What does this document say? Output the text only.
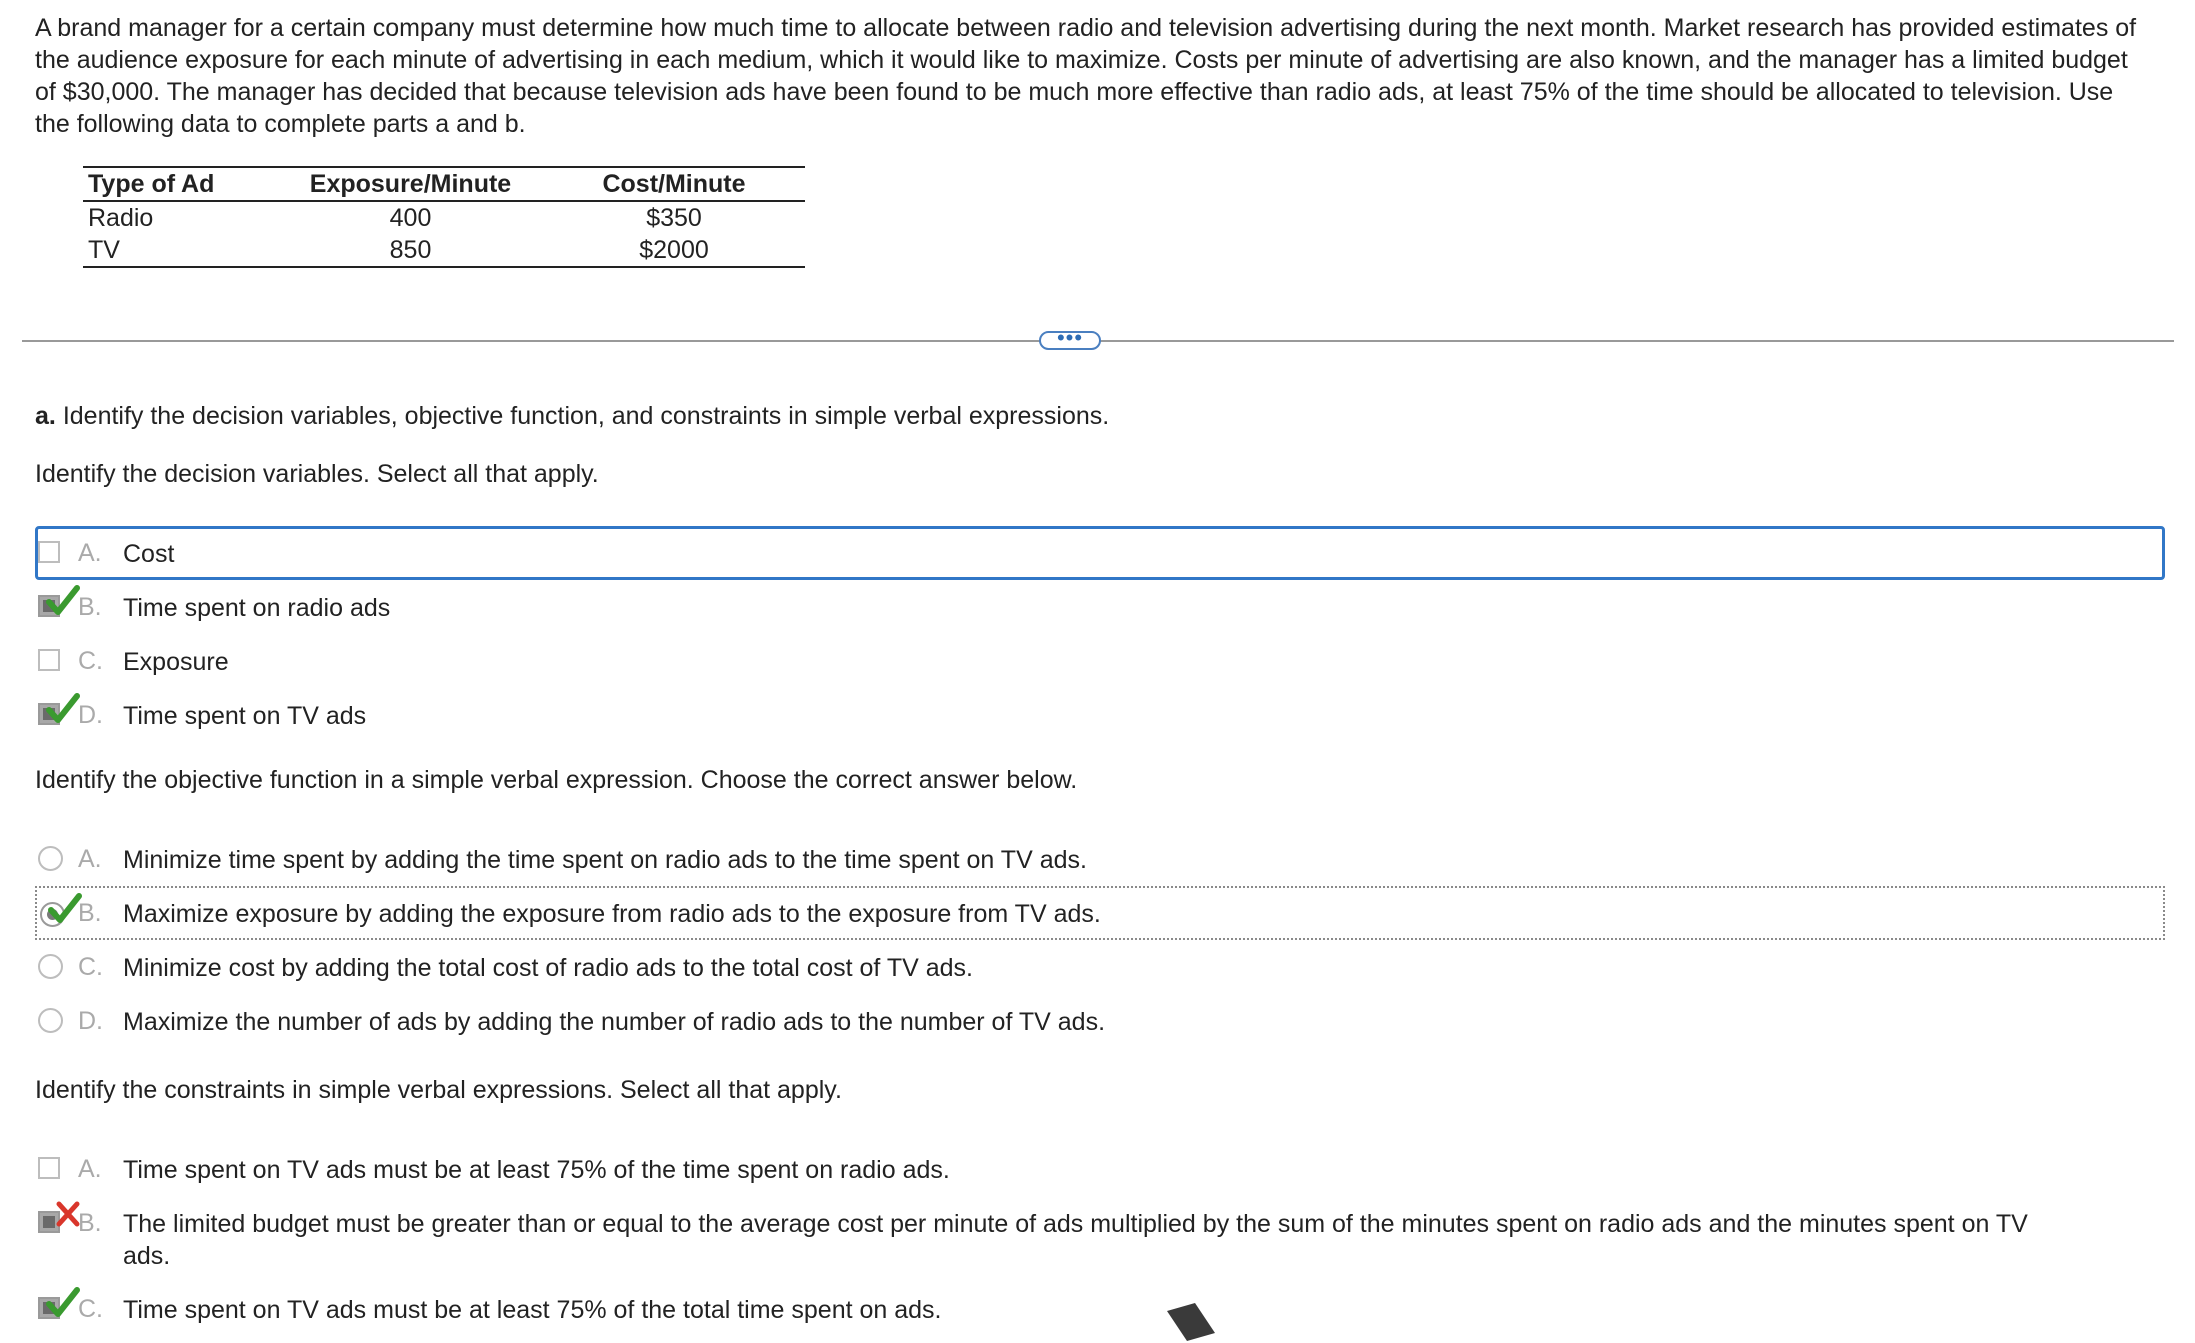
A brand manager for a certain company must determine how much time to allocate between radio and television advertising during the next month. Market research has provided estimates of the audience exposure for each minute of advertising in each medium, which it would like to maximize. Costs per minute of advertising are also known, and the manager has a limited budget of $30,000. The manager has decided that because television ads have been found to be much more effective than radio ads, at least 75% of the time should be allocated to television. Use the following data to complete parts a and b.

Type of Ad	Exposure/Minute	Cost/Minute
Radio	400	$350
TV	850	$2000
•••

a. Identify the decision variables, objective function, and constraints in simple verbal expressions.

Identify the decision variables. Select all that apply.

A. Cost
B. Time spent on radio ads
C. Exposure
D. Time spent on TV ads

Identify the objective function in a simple verbal expression. Choose the correct answer below.

A. Minimize time spent by adding the time spent on radio ads to the time spent on TV ads.
B. Maximize exposure by adding the exposure from radio ads to the exposure from TV ads.
C. Minimize cost by adding the total cost of radio ads to the total cost of TV ads.
D. Maximize the number of ads by adding the number of radio ads to the number of TV ads.

Identify the constraints in simple verbal expressions. Select all that apply.

A. Time spent on TV ads must be at least 75% of the time spent on radio ads.
B. The limited budget must be greater than or equal to the average cost per minute of ads multiplied by the sum of the minutes spent on radio ads and the minutes spent on TV
ads.
C. Time spent on TV ads must be at least 75% of the total time spent on ads.
